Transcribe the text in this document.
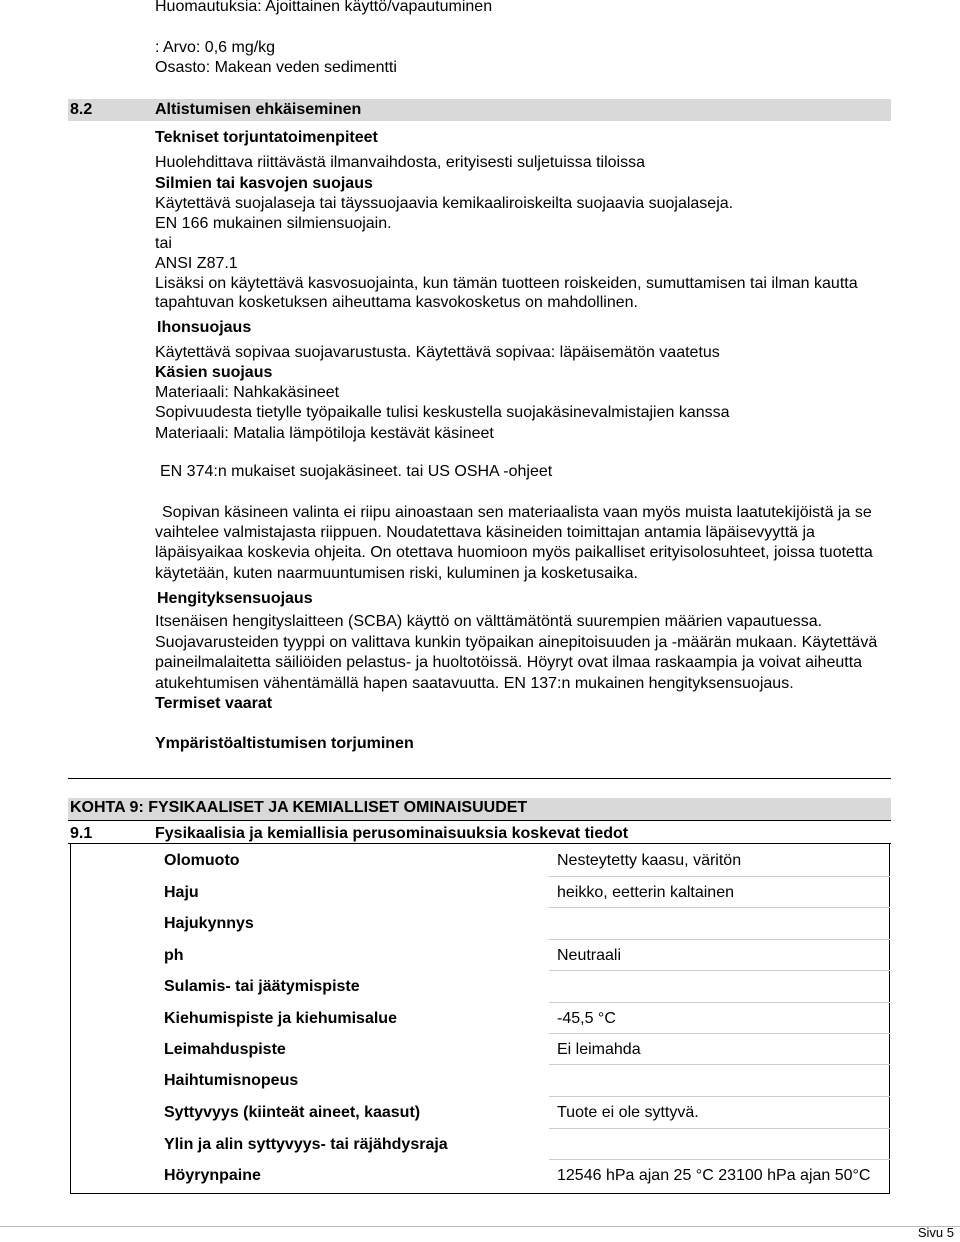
Huomautuksia: Ajoittainen käyttö/vapautuminen
: Arvo: 0,6 mg/kg
Osasto: Makean veden sedimentti
8.2	Altistumisen ehkäiseminen
Tekniset torjuntatoimenpiteet
Huolehdittava riittävästä ilmanvaihdosta, erityisesti suljetuissa tiloissa
Silmien tai kasvojen suojaus
Käytettävä suojalaseja tai täyssuojaavia kemikaaliroiskeilta suojaavia suojalaseja.
EN 166 mukainen silmiensuojain.
tai
ANSI Z87.1
Lisäksi on käytettävä kasvosuojainta, kun tämän tuotteen roiskeiden, sumuttamisen tai ilman kautta
tapahtuvan kosketuksen aiheuttama kasvokosketus on mahdollinen.
Ihonsuojaus
Käytettävä sopivaa suojavarustusta. Käytettävä sopivaa: läpäisemätön vaatetus
Käsien suojaus
Materiaali: Nahkakäsineet
Sopivuudesta tietylle työpaikalle tulisi keskustella suojakäsinevalmistajien kanssa
Materiaali: Matalia lämpötiloja kestävät käsineet
EN 374:n mukaiset suojakäsineet. tai US OSHA -ohjeet
Sopivan käsineen valinta ei riipu ainoastaan sen materiaalista vaan myös muista laatutekijöistä ja se
vaihtelee valmistajasta riippuen. Noudatettava käsineiden toimittajan antamia läpäisevyyttä ja
läpäisyaikaa koskevia ohjeita. On otettava huomioon myös paikalliset erityisolosuhteet, joissa tuotetta
käytetään, kuten naarmuuntumisen riski, kuluminen ja kosketusaika.
Hengityksensuojaus
Itsenäisen hengityslaitteen (SCBA) käyttö on välttämätöntä suurempien määrien vapautuessa.
Suojavarusteiden tyyppi on valittava kunkin työpaikan ainepitoisuuden ja -määrän mukaan. Käytettävä
paineilmalaitetta säiliöiden pelastus- ja huoltotöissä. Höyryt ovat ilmaa raskaampia ja voivat aiheutta
atukehtumisen vähentämällä hapen saatavuutta. EN 137:n mukainen hengityksensuojaus.
Termiset vaarat
Ympäristöaltistumisen torjuminen
KOHTA 9: FYSIKAALISET JA KEMIALLISET OMINAISUUDET
9.1	Fysikaalisia ja kemiallisia perusominaisuuksia koskevat tiedot
Olomuoto	Nesteytetty kaasu, väritön
Haju	heikko, eetterin kaltainen
Hajukynnys
ph	Neutraali
Sulamis- tai jäätymispiste
Kiehumispiste ja kiehumisalue	-45,5 °C
Leimahduspiste	Ei leimahda
Haihtumisnopeus
Syttyvyys (kiinteät aineet, kaasut)	Tuote ei ole syttyvä.
Ylin ja alin syttyvyys- tai räjähdysraja
Höyrynpaine	12546 hPa ajan 25 °C 23100 hPa ajan 50°C
Sivu 5
